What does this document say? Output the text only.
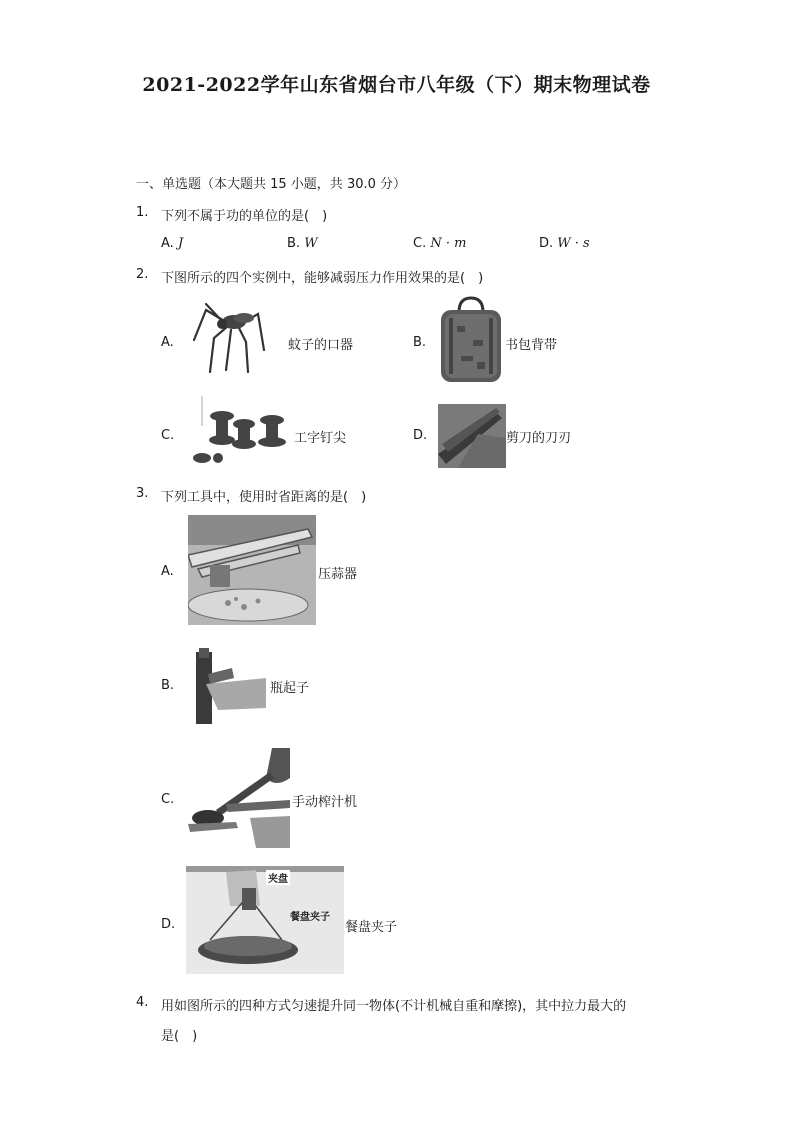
2021-2022学年山东省烟台市八年级（下）期末物理试卷
一、单选题（本大题共 15 小题，共 30.0 分）
1. 下列不属于功的单位的是(　)
A. J	B. W	C. N · m	D. W · s
2. 下图所示的四个实例中，能够减弱压力作用效果的是(　)
A.	蚊子的口器	B.	书包背带
C.	工字钉尖	D.	剪刀的刀刃
3. 下列工具中，使用时省距离的是(　)
A.	压蒜器
B.	瓶起子
C.	手动榨汁机
D.
夹盘
餐盘夹子
餐盘夹子
4. 用如图所示的四种方式匀速提升同一物体(不计机械自重和摩擦)，其中拉力最大的
是(　)
